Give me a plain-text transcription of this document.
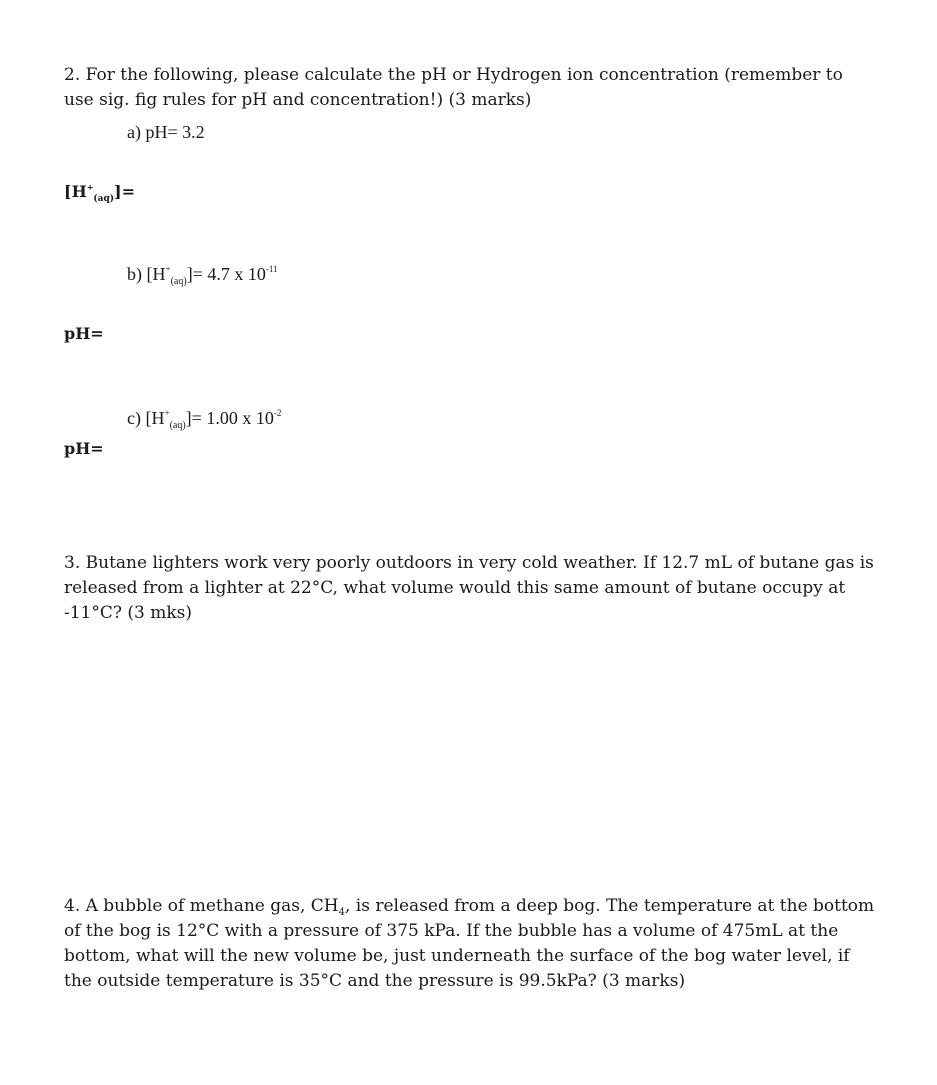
2. For the following, please calculate the pH or Hydrogen ion concentration (remember to use sig. fig rules for pH and concentration!) (3 marks)
a) pH= 3.2
$[H^+_{(aq)}]=$
b) $[H^+_{(aq)}]= 4.7$ x $10^{-11}$
pH=
c) $[H^+_{(aq)}]= 1.00$ x $10^{-2}$
pH=
3. Butane lighters work very poorly outdoors in very cold weather. If 12.7 mL of butane gas is released from a lighter at 22°C, what volume would this same amount of butane occupy at -11°C? (3 mks)
4. A bubble of methane gas, $CH_4$, is released from a deep bog. The temperature at the bottom of the bog is 12°C with a pressure of 375 kPa. If the bubble has a volume of 475mL at the bottom, what will the new volume be, just underneath the surface of the bog water level, if the outside temperature is 35°C and the pressure is 99.5kPa? (3 marks)
